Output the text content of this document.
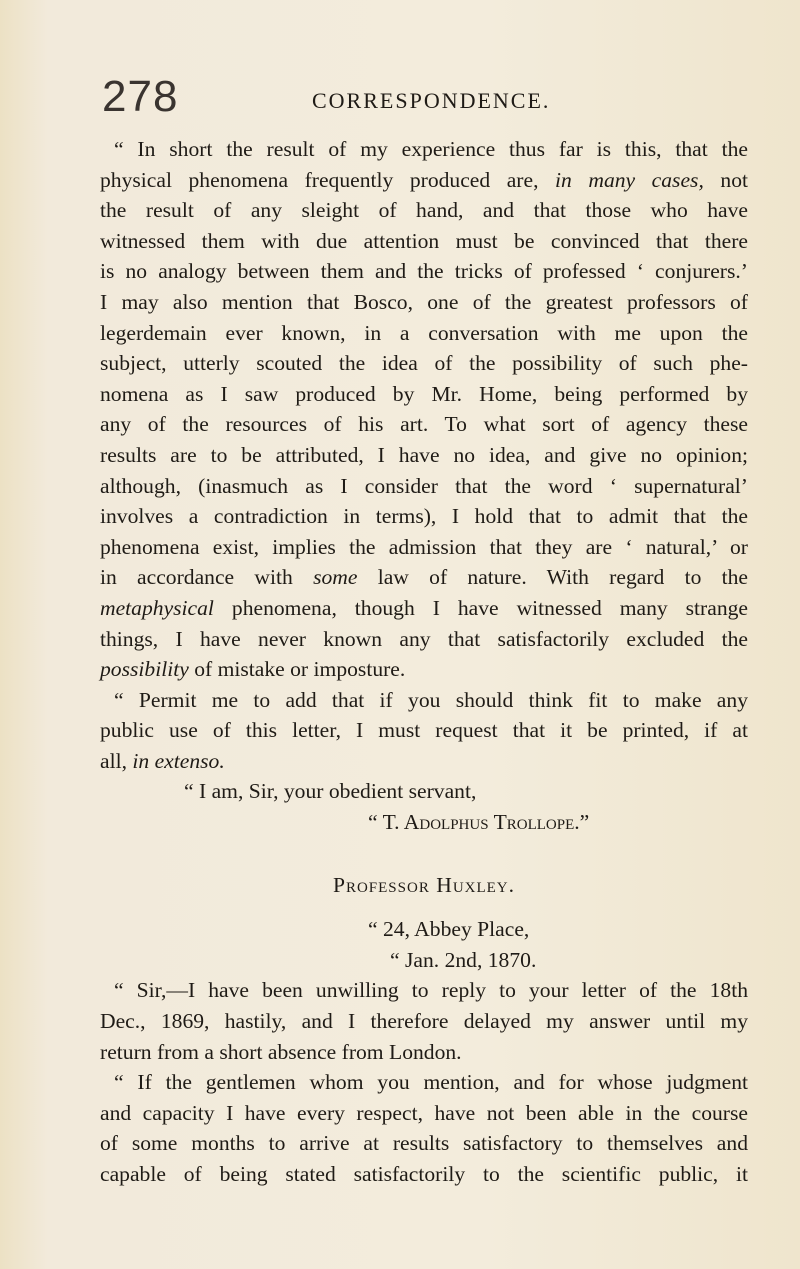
278	CORRESPONDENCE.
“ In short the result of my experience thus far is this, that the
physical phenomena frequently produced are, in many cases, not
the result of any sleight of hand, and that those who have
witnessed them with due attention must be convinced that there
is no analogy between them and the tricks of professed ‘ conjurers.’
I may also mention that Bosco, one of the greatest professors of
legerdemain ever known, in a conversation with me upon the
subject, utterly scouted the idea of the possibility of such phe-
nomena as I saw produced by Mr. Home, being performed by
any of the resources of his art. To what sort of agency these
results are to be attributed, I have no idea, and give no opinion;
although, (inasmuch as I consider that the word ‘ supernatural’
involves a contradiction in terms), I hold that to admit that the
phenomena exist, implies the admission that they are ‘ natural,’ or
in accordance with some law of nature. With regard to the
metaphysical phenomena, though I have witnessed many strange
things, I have never known any that satisfactorily excluded the
possibility of mistake or imposture.
“ Permit me to add that if you should think fit to make any
public use of this letter, I must request that it be printed, if at
all, in extenso.
“ I am, Sir, your obedient servant,
“ T. Adolphus Trollope.”
Professor Huxley.
“ 24, Abbey Place,
“ Jan. 2nd, 1870.
“ Sir,—I have been unwilling to reply to your letter of the 18th
Dec., 1869, hastily, and I therefore delayed my answer until my
return from a short absence from London.
“ If the gentlemen whom you mention, and for whose judgment
and capacity I have every respect, have not been able in the course
of some months to arrive at results satisfactory to themselves and
capable of being stated satisfactorily to the scientific public, it
